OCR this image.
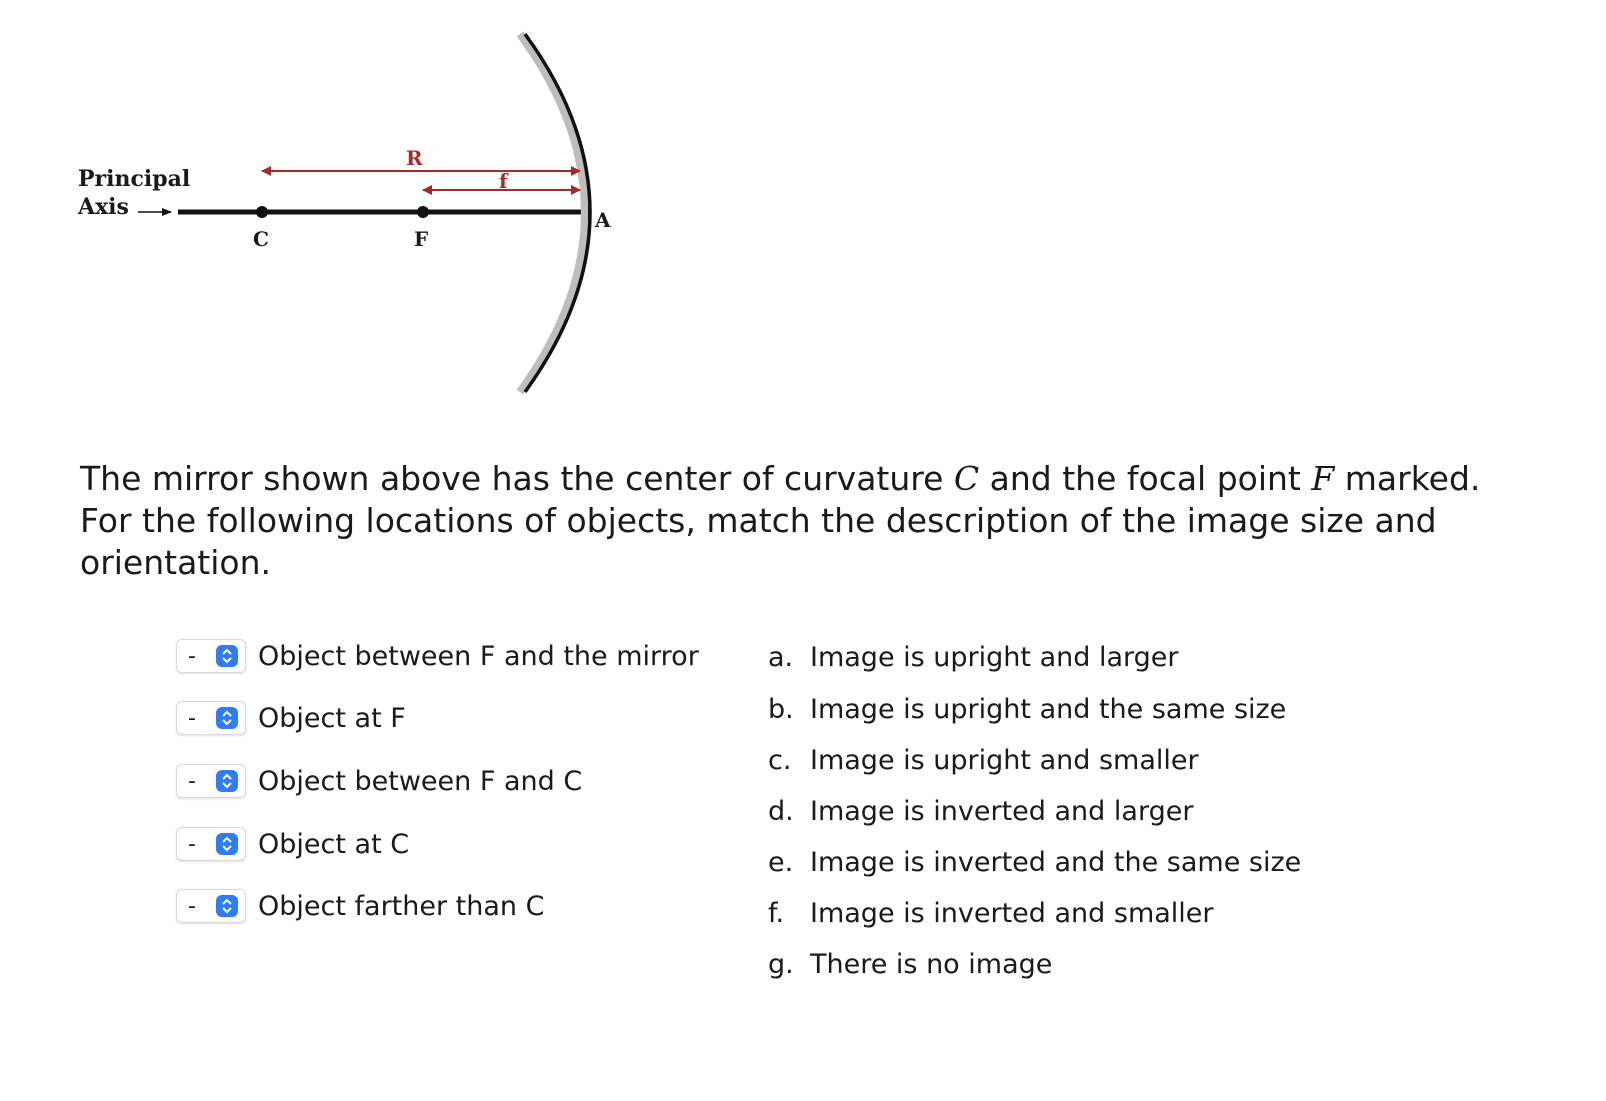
Principal
Axis
C	F
A
R
f

The mirror shown above has the center of curvature C and the focal point F marked. For the following locations of objects, match the description of the image size and orientation.

- Object between F and the mirror
- Object at F
- Object between F and C
- Object at C
- Object farther than C
a. Image is upright and larger
b. Image is upright and the same size
c. Image is upright and smaller
d. Image is inverted and larger
e. Image is inverted and the same size
f. Image is inverted and smaller
g. There is no image
